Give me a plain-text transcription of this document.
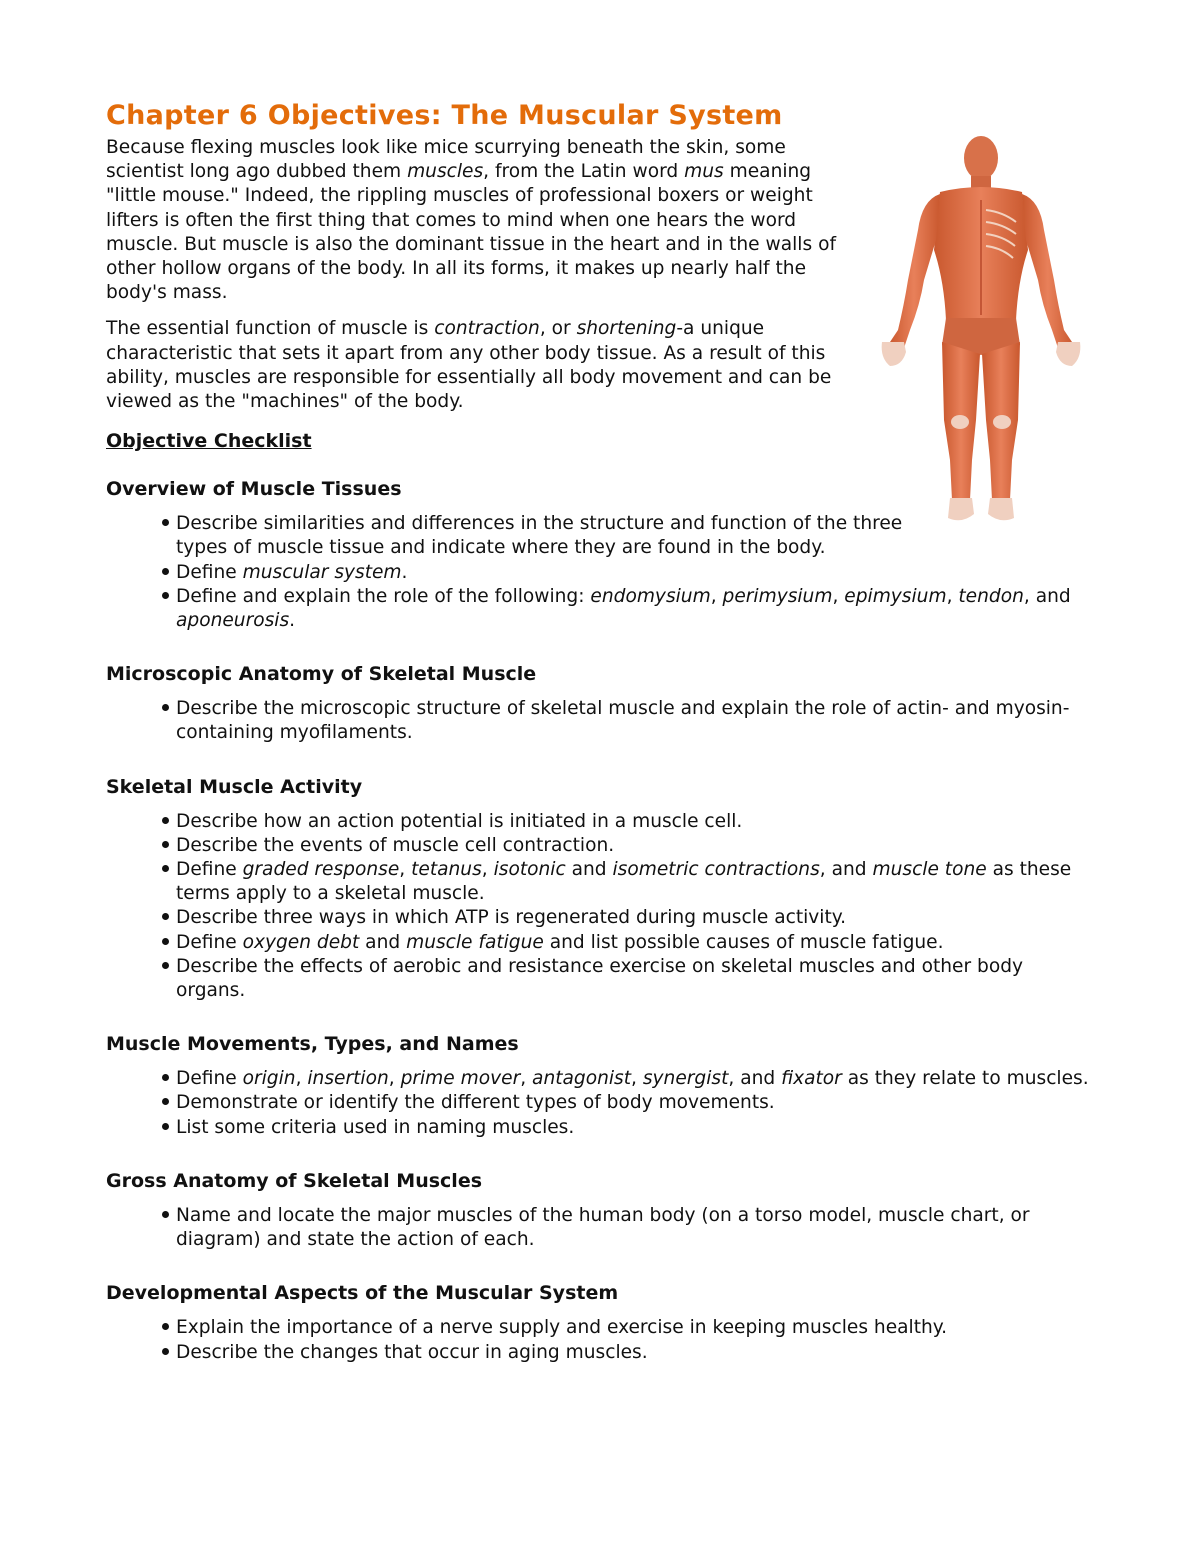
Chapter 6 Objectives: The Muscular System

Because flexing muscles look like mice scurrying beneath the skin, some scientist long ago dubbed them muscles, from the Latin word mus meaning "little mouse." Indeed, the rippling muscles of professional boxers or weight lifters is often the first thing that comes to mind when one hears the word muscle. But muscle is also the dominant tissue in the heart and in the walls of other hollow organs of the body. In all its forms, it makes up nearly half the body's mass.

The essential function of muscle is contraction, or shortening-a unique characteristic that sets it apart from any other body tissue. As a result of this ability, muscles are responsible for essentially all body movement and can be viewed as the "machines" of the body.

Objective Checklist
Overview of Muscle Tissues
Describe similarities and differences in the structure and function of the three types of muscle tissue and indicate where they are found in the body.
Define muscular system.
Define and explain the role of the following: endomysium, perimysium, epimysium, tendon, and aponeurosis.
Microscopic Anatomy of Skeletal Muscle
Describe the microscopic structure of skeletal muscle and explain the role of actin- and myosin-containing myofilaments.
Skeletal Muscle Activity
Describe how an action potential is initiated in a muscle cell.
Describe the events of muscle cell contraction.
Define graded response, tetanus, isotonic and isometric contractions, and muscle tone as these terms apply to a skeletal muscle.
Describe three ways in which ATP is regenerated during muscle activity.
Define oxygen debt and muscle fatigue and list possible causes of muscle fatigue.
Describe the effects of aerobic and resistance exercise on skeletal muscles and other body organs.
Muscle Movements, Types, and Names
Define origin, insertion, prime mover, antagonist, synergist, and fixator as they relate to muscles.
Demonstrate or identify the different types of body movements.
List some criteria used in naming muscles.
Gross Anatomy of Skeletal Muscles
Name and locate the major muscles of the human body (on a torso model, muscle chart, or diagram) and state the action of each.
Developmental Aspects of the Muscular System
Explain the importance of a nerve supply and exercise in keeping muscles healthy.
Describe the changes that occur in aging muscles.
